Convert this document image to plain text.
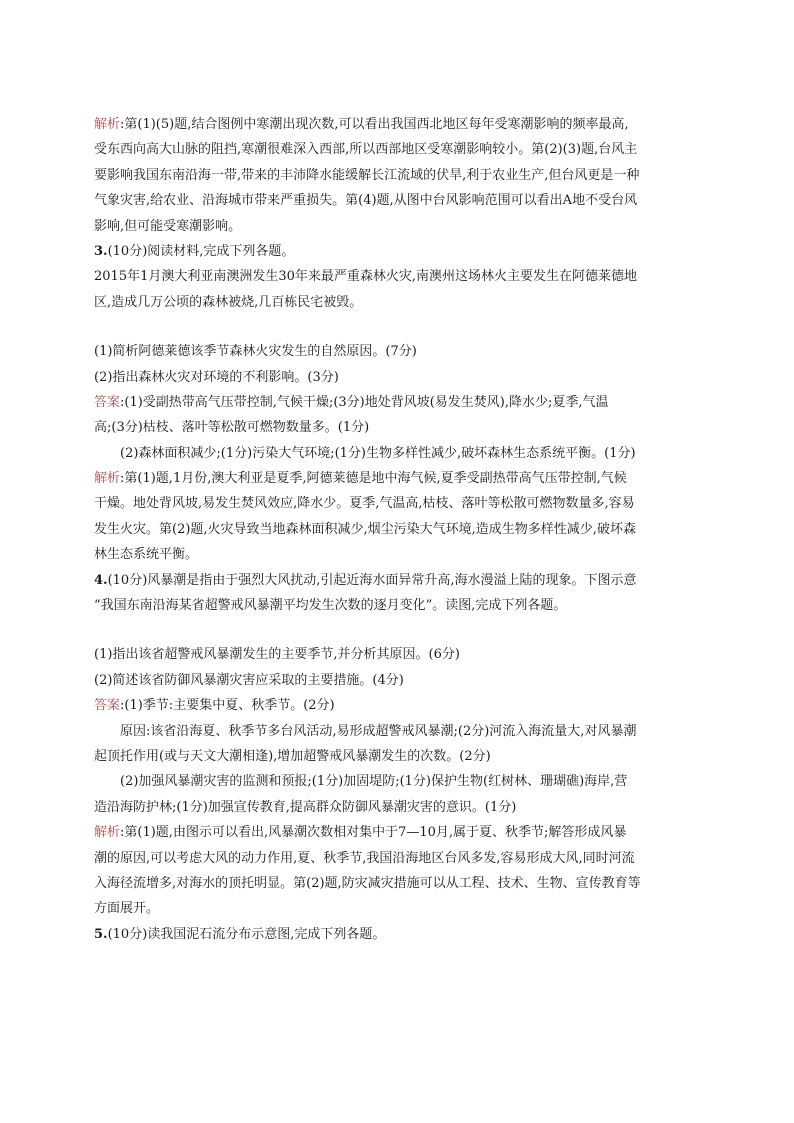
解析:第(1)(5)题,结合图例中寒潮出现次数,可以看出我国西北地区每年受寒潮影响的频率最高,
受东西向高大山脉的阻挡,寒潮很难深入西部,所以西部地区受寒潮影响较小。第(2)(3)题,台风主
要影响我国东南沿海一带,带来的丰沛降水能缓解长江流域的伏旱,利于农业生产,但台风更是一种
气象灾害,给农业、沿海城市带来严重损失。第(4)题,从图中台风影响范围可以看出A地不受台风
影响,但可能受寒潮影响。
3.(10分)阅读材料,完成下列各题。
2015年1月澳大利亚南澳洲发生30年来最严重森林火灾,南澳州这场林火主要发生在阿德莱德地
区,造成几万公顷的森林被烧,几百栋民宅被毁。
(1)简析阿德莱德该季节森林火灾发生的自然原因。(7分)
(2)指出森林火灾对环境的不利影响。(3分)
答案:(1)受副热带高气压带控制,气候干燥;(3分)地处背风坡(易发生焚风),降水少;夏季,气温
高;(3分)枯枝、落叶等松散可燃物数量多。(1分)
(2)森林面积减少;(1分)污染大气环境;(1分)生物多样性减少,破坏森林生态系统平衡。(1分)
解析:第(1)题,1月份,澳大利亚是夏季,阿德莱德是地中海气候,夏季受副热带高气压带控制,气候
干燥。地处背风坡,易发生焚风效应,降水少。夏季,气温高,枯枝、落叶等松散可燃物数量多,容易
发生火灾。第(2)题,火灾导致当地森林面积减少,烟尘污染大气环境,造成生物多样性减少,破坏森
林生态系统平衡。
4.(10分)风暴潮是指由于强烈大风扰动,引起近海水面异常升高,海水漫溢上陆的现象。下图示意
“我国东南沿海某省超警戒风暴潮平均发生次数的逐月变化”。读图,完成下列各题。
(1)指出该省超警戒风暴潮发生的主要季节,并分析其原因。(6分)
(2)简述该省防御风暴潮灾害应采取的主要措施。(4分)
答案:(1)季节:主要集中夏、秋季节。(2分)
原因:该省沿海夏、秋季节多台风活动,易形成超警戒风暴潮;(2分)河流入海流量大,对风暴潮
起顶托作用(或与天文大潮相逢),增加超警戒风暴潮发生的次数。(2分)
(2)加强风暴潮灾害的监测和预报;(1分)加固堤防;(1分)保护生物(红树林、珊瑚礁)海岸,营
造沿海防护林;(1分)加强宣传教育,提高群众防御风暴潮灾害的意识。(1分)
解析:第(1)题,由图示可以看出,风暴潮次数相对集中于7—10月,属于夏、秋季节;解答形成风暴
潮的原因,可以考虑大风的动力作用,夏、秋季节,我国沿海地区台风多发,容易形成大风,同时河流
入海径流增多,对海水的顶托明显。第(2)题,防灾减灾措施可以从工程、技术、生物、宣传教育等
方面展开。
5.(10分)读我国泥石流分布示意图,完成下列各题。
